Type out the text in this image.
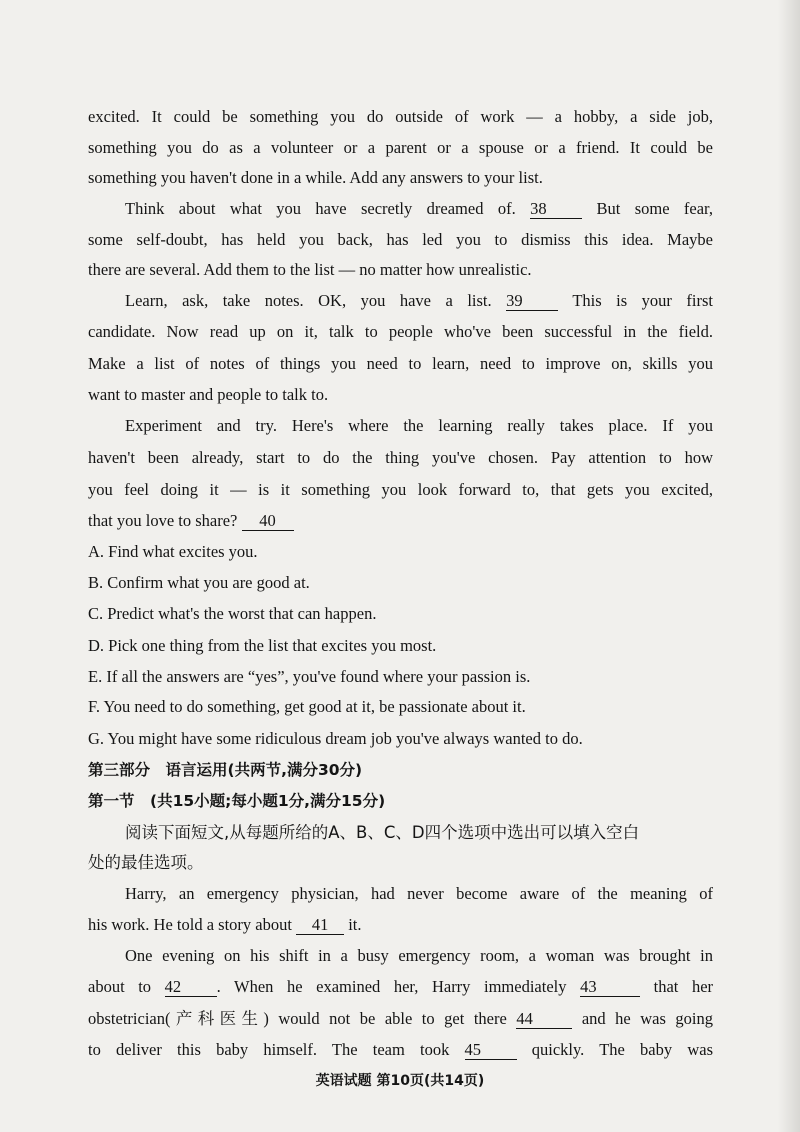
excited. It could be something you do outside of work — a hobby, a side job,
something you do as a volunteer or a parent or a spouse or a friend. It could be
something you haven't done in a while. Add any answers to your list.
Think about what you have secretly dreamed of. 38	But some fear,
some self-doubt, has held you back, has led you to dismiss this idea. Maybe
there are several. Add them to the list — no matter how unrealistic.
Learn, ask, take notes. OK, you have a list. 39	This is your first
candidate. Now read up on it, talk to people who've been successful in the field.
Make a list of notes of things you need to learn, need to improve on, skills you
want to master and people to talk to.
Experiment and try. Here's where the learning really takes place. If you
haven't been already, start to do the thing you've chosen. Pay attention to how
you feel doing it — is it something you look forward to, that gets you excited,
that you love to share? 40
A. Find what excites you.
B. Confirm what you are good at.
C. Predict what's the worst that can happen.
D. Pick one thing from the list that excites you most.
E. If all the answers are “yes”, you've found where your passion is.
F. You need to do something, get good at it, be passionate about it.
G. You might have some ridiculous dream job you've always wanted to do.
第三部分　语言运用(共两节,满分30分)
第一节　(共15小题;每小题1分,满分15分)
阅读下面短文,从每题所给的A、B、C、D四个选项中选出可以填入空白
处的最佳选项。
Harry, an emergency physician, had never become aware of the meaning of
his work. He told a story about 41 it.
One evening on his shift in a busy emergency room, a woman was brought in
about to 42 . When he examined her, Harry immediately 43	that her
obstetrician(产科医生) would not be able to get there 44	and he was going
to deliver this baby himself. The team took 45	quickly. The baby was
英语试题 第10页(共14页)
